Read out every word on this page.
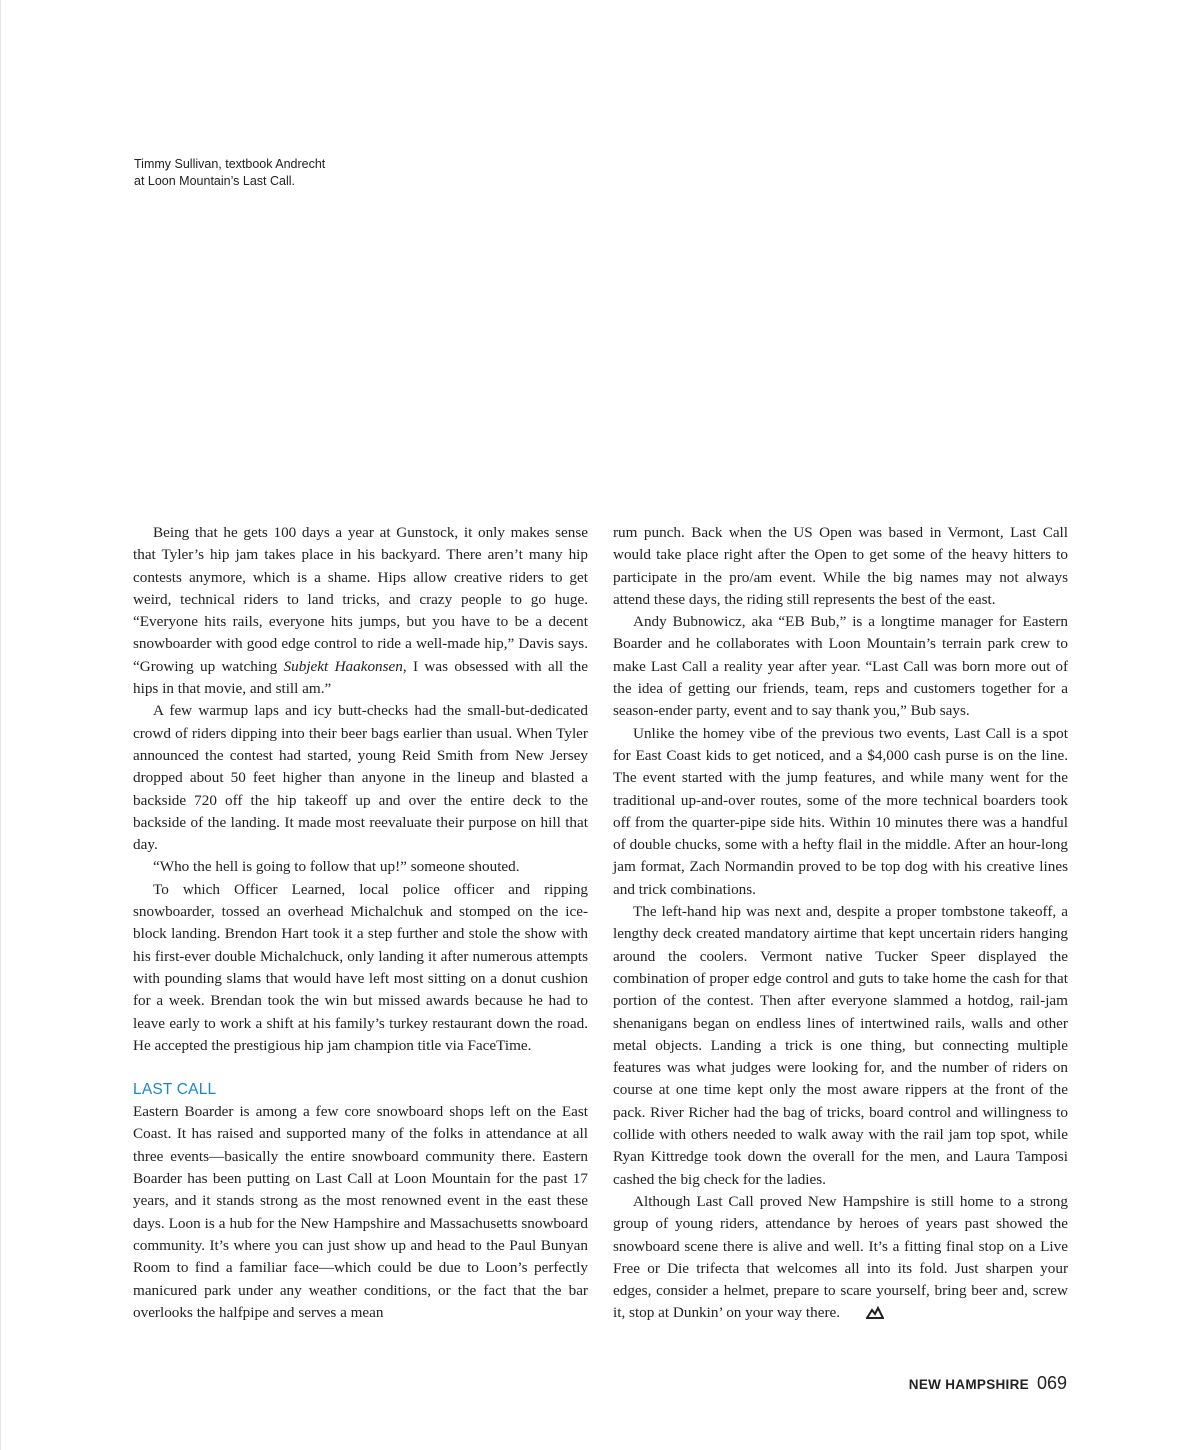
Timmy Sullivan, textbook Andrecht
at Loon Mountain’s Last Call.

Being that he gets 100 days a year at Gunstock, it only makes sense that Tyler’s hip jam takes place in his backyard. There aren’t many hip contests anymore, which is a shame. Hips allow creative riders to get weird, technical riders to land tricks, and crazy people to go huge. “Everyone hits rails, everyone hits jumps, but you have to be a decent snowboarder with good edge control to ride a well-made hip,” Davis says. “Growing up watching Subjekt Haakonsen, I was obsessed with all the hips in that movie, and still am.”

A few warmup laps and icy butt-checks had the small-but-dedicated crowd of riders dipping into their beer bags earlier than usual. When Tyler announced the contest had started, young Reid Smith from New Jersey dropped about 50 feet higher than anyone in the lineup and blasted a backside 720 off the hip takeoff up and over the entire deck to the backside of the landing. It made most reevaluate their purpose on hill that day.

“Who the hell is going to follow that up!” someone shouted.

To which Officer Learned, local police officer and ripping snowboarder, tossed an overhead Michalchuk and stomped on the ice-block landing. Brendon Hart took it a step further and stole the show with his first-ever double Michalchuck, only landing it after numerous attempts with pounding slams that would have left most sitting on a donut cushion for a week. Brendan took the win but missed awards because he had to leave early to work a shift at his family’s turkey restaurant down the road. He accepted the prestigious hip jam champion title via FaceTime.

LAST CALL

Eastern Boarder is among a few core snowboard shops left on the East Coast. It has raised and supported many of the folks in attendance at all three events—basically the entire snowboard community there. Eastern Boarder has been putting on Last Call at Loon Mountain for the past 17 years, and it stands strong as the most renowned event in the east these days. Loon is a hub for the New Hampshire and Massachusetts snowboard community. It’s where you can just show up and head to the Paul Bunyan Room to find a familiar face—which could be due to Loon’s perfectly manicured park under any weather conditions, or the fact that the bar overlooks the halfpipe and serves a mean

rum punch. Back when the US Open was based in Vermont, Last Call would take place right after the Open to get some of the heavy hitters to participate in the pro/am event. While the big names may not always attend these days, the riding still represents the best of the east.

Andy Bubnowicz, aka “EB Bub,” is a longtime manager for Eastern Boarder and he collaborates with Loon Mountain’s terrain park crew to make Last Call a reality year after year. “Last Call was born more out of the idea of getting our friends, team, reps and customers together for a season-ender party, event and to say thank you,” Bub says.

Unlike the homey vibe of the previous two events, Last Call is a spot for East Coast kids to get noticed, and a $4,000 cash purse is on the line. The event started with the jump features, and while many went for the traditional up-and-over routes, some of the more technical boarders took off from the quarter-pipe side hits. Within 10 minutes there was a handful of double chucks, some with a hefty flail in the middle. After an hour-long jam format, Zach Normandin proved to be top dog with his creative lines and trick combinations.

The left-hand hip was next and, despite a proper tombstone takeoff, a lengthy deck created mandatory airtime that kept uncertain riders hanging around the coolers. Vermont native Tucker Speer displayed the combination of proper edge control and guts to take home the cash for that portion of the contest. Then after everyone slammed a hotdog, rail-jam shenanigans began on endless lines of intertwined rails, walls and other metal objects. Landing a trick is one thing, but connecting multiple features was what judges were looking for, and the number of riders on course at one time kept only the most aware rippers at the front of the pack. River Richer had the bag of tricks, board control and willingness to collide with others needed to walk away with the rail jam top spot, while Ryan Kittredge took down the overall for the men, and Laura Tamposi cashed the big check for the ladies.

Although Last Call proved New Hampshire is still home to a strong group of young riders, attendance by heroes of years past showed the snowboard scene there is alive and well. It’s a fitting final stop on a Live Free or Die trifecta that welcomes all into its fold. Just sharpen your edges, consider a helmet, prepare to scare yourself, bring beer and, screw it, stop at Dunkin’ on your way there.

NEW HAMPSHIRE 069
